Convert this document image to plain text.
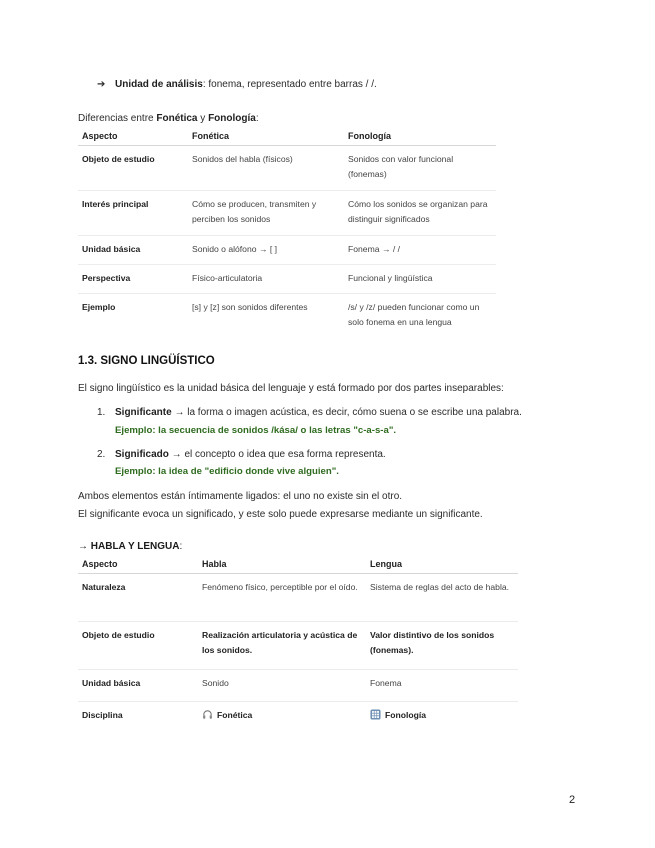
➔ Unidad de análisis: fonema, representado entre barras / /.
Diferencias entre Fonética y Fonología:
Aspecto	Fonética	Fonología
Objeto de estudio	Sonidos del habla (físicos)	Sonidos con valor funcional (fonemas)
Interés principal	Cómo se producen, transmiten y perciben los sonidos	Cómo los sonidos se organizan para distinguir significados
Unidad básica	Sonido o alófono → [ ]	Fonema → / /
Perspectiva	Físico-articulatoria	Funcional y lingüística
Ejemplo	[s] y [z] son sonidos diferentes	/s/ y /z/ pueden funcionar como un solo fonema en una lengua
1.3. SIGNO LINGÜÍSTICO
El signo lingüístico es la unidad básica del lenguaje y está formado por dos partes inseparables:
1. Significante → la forma o imagen acústica, es decir, cómo suena o se escribe una palabra.
Ejemplo: la secuencia de sonidos /kása/ o las letras "c-a-s-a".
2. Significado → el concepto o idea que esa forma representa.
Ejemplo: la idea de "edificio donde vive alguien".
Ambos elementos están íntimamente ligados: el uno no existe sin el otro.
El significante evoca un significado, y este solo puede expresarse mediante un significante.
→ HABLA Y LENGUA:
Aspecto	Habla	Lengua
Naturaleza	Fenómeno físico, perceptible por el oído.	Sistema de reglas del acto de habla.
Objeto de estudio	Realización articulatoria y acústica de los sonidos.	Valor distintivo de los sonidos (fonemas).
Unidad básica	Sonido	Fonema
Disciplina	Fonética	Fonología
2
